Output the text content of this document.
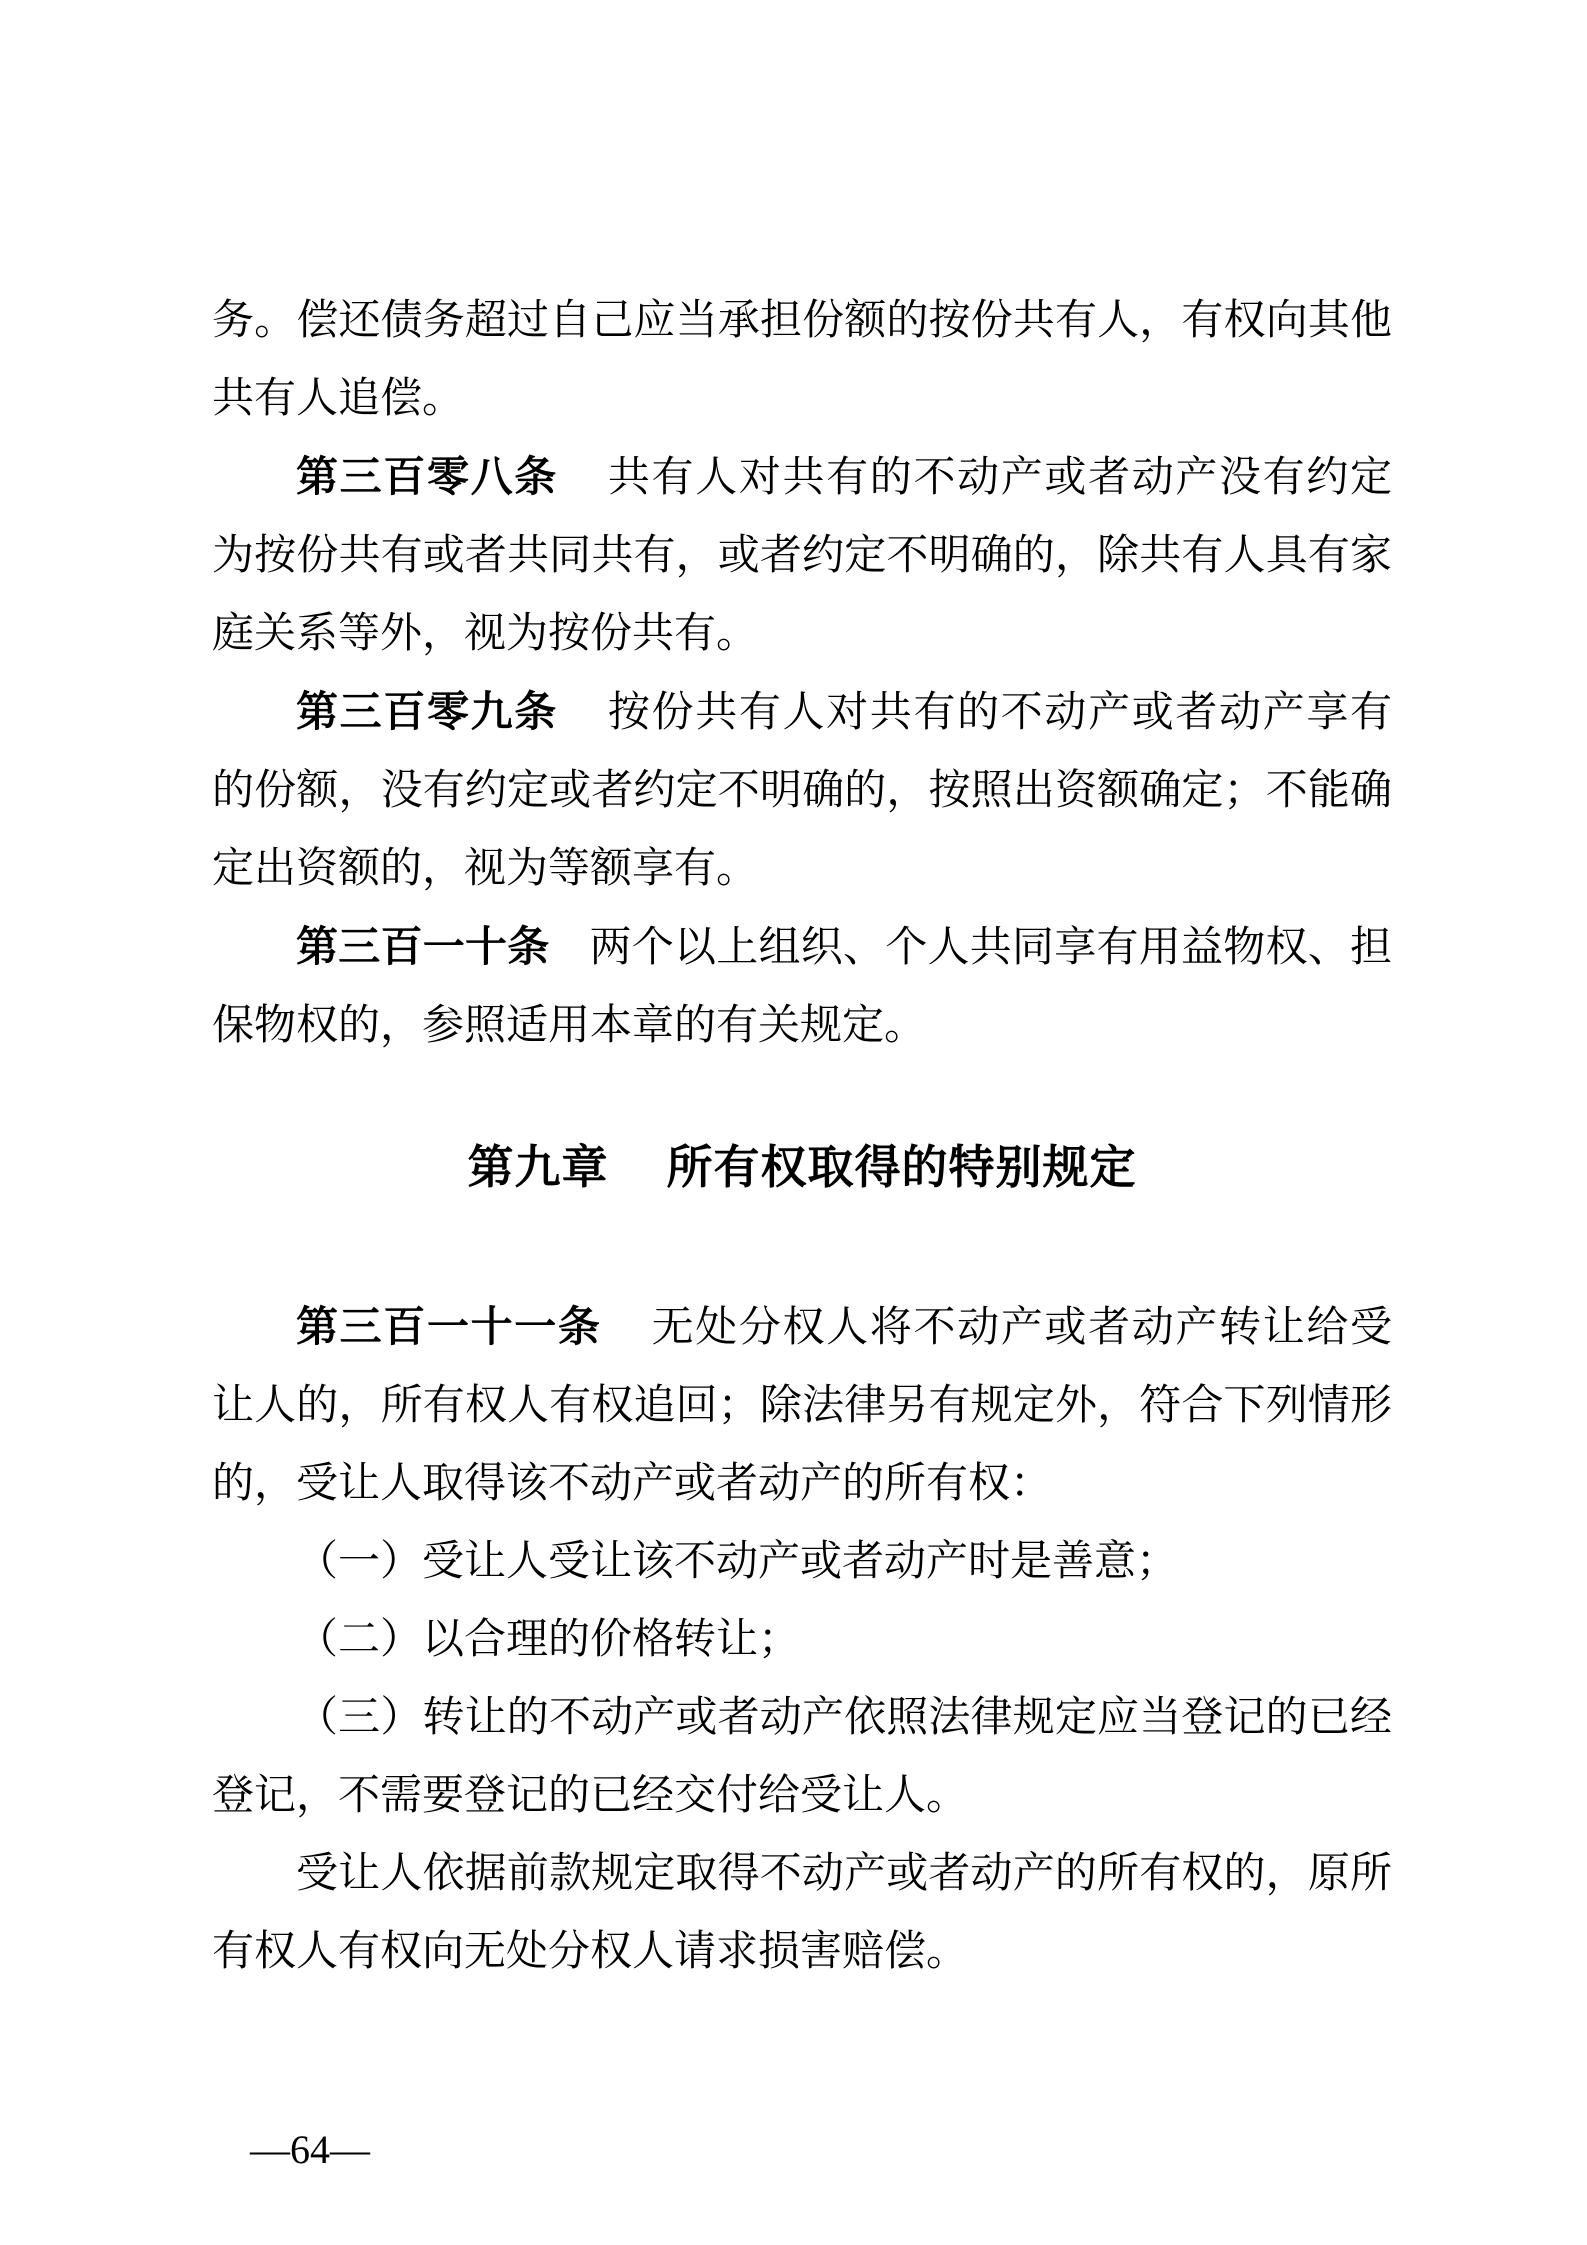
务。偿还债务超过自己应当承担份额的按份共有人，有权向其他共有人追偿。

第三百零八条 共有人对共有的不动产或者动产没有约定为按份共有或者共同共有，或者约定不明确的，除共有人具有家庭关系等外，视为按份共有。

第三百零九条 按份共有人对共有的不动产或者动产享有的份额，没有约定或者约定不明确的，按照出资额确定；不能确定出资额的，视为等额享有。

第三百一十条 两个以上组织、个人共同享有用益物权、担保物权的，参照适用本章的有关规定。

第九章 所有权取得的特别规定

第三百一十一条 无处分权人将不动产或者动产转让给受让人的，所有权人有权追回；除法律另有规定外，符合下列情形的，受让人取得该不动产或者动产的所有权：

（一）受让人受让该不动产或者动产时是善意；

（二）以合理的价格转让；

（三）转让的不动产或者动产依照法律规定应当登记的已经登记，不需要登记的已经交付给受让人。

受让人依据前款规定取得不动产或者动产的所有权的，原所有权人有权向无处分权人请求损害赔偿。

—64—
